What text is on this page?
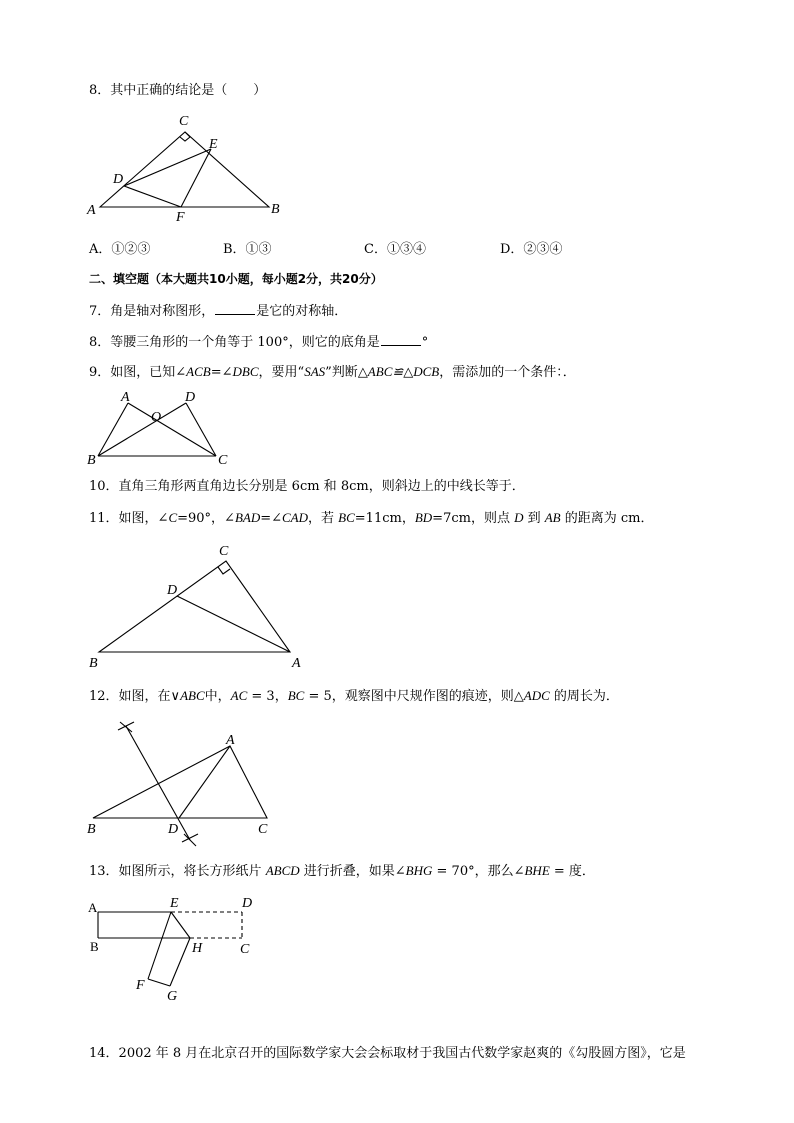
8．其中正确的结论是（　　）
C
E
D
A	F
B
A．①②③	B．①③	C．①③④	D．②③④
二、填空题（本大题共10小题，每小题2分，共20分）
7．角是轴对称图形，	是它的对称轴．
8．等腰三角形的一个角等于 100°，则它的底角是	°
9．如图，已知∠ACB=∠DBC，要用“SAS”判断△ABC≌△DCB，需添加的一个条件：．
A	D
O
B	C
10．直角三角形两直角边长分别是 6cm 和 8cm，则斜边上的中线长等于．
11．如图，∠C=90°，∠BAD=∠CAD，若 BC=11cm，BD=7cm，则点 D 到 AB 的距离为 cm．
C
D
B	A
12．如图，在∨ABC中，AC = 3，BC = 5，观察图中尺规作图的痕迹，则△ADC 的周长为．
A
B	D	C
13．如图所示，将长方形纸片 ABCD 进行折叠，如果∠BHG = 70°，那么∠BHE = 度．
A	E	D
B	H	C
F
G
14．2002 年 8 月在北京召开的国际数学家大会会标取材于我国古代数学家赵爽的《勾股圆方图》，它是
